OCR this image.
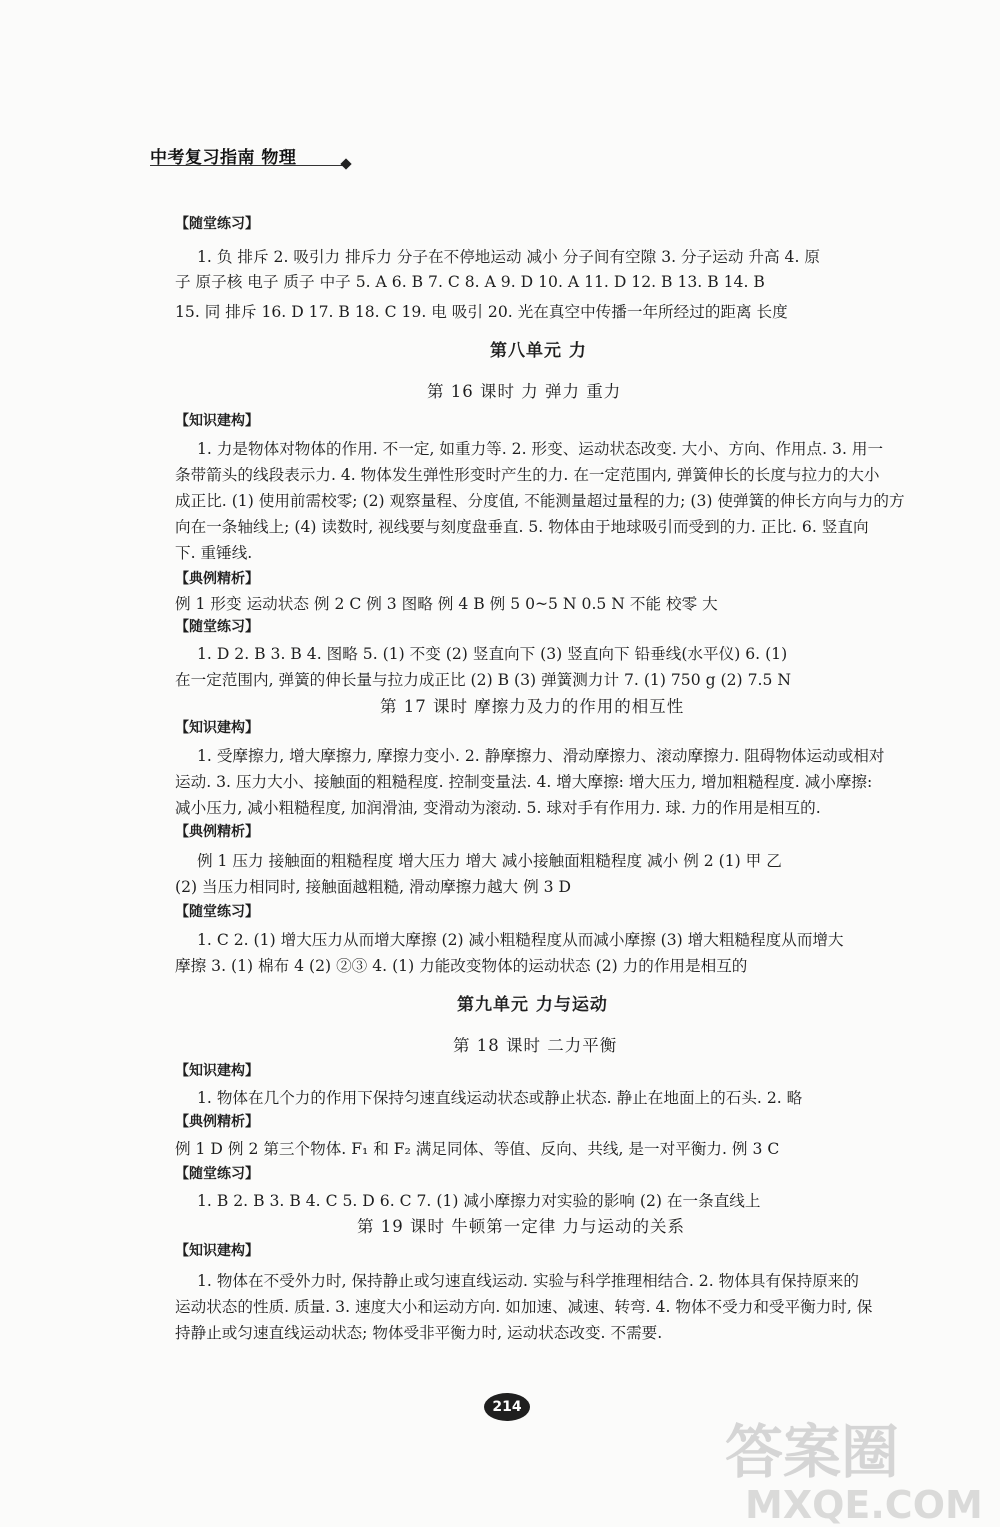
中考复习指南 物理
【随堂练习】
1. 负 排斥 2. 吸引力 排斥力 分子在不停地运动 减小 分子间有空隙 3. 分子运动 升高 4. 原
子 原子核 电子 质子 中子 5. A 6. B 7. C 8. A 9. D 10. A 11. D 12. B 13. B 14. B
15. 同 排斥 16. D 17. B 18. C 19. 电 吸引 20. 光在真空中传播一年所经过的距离 长度
第八单元 力
第 16 课时 力 弹力 重力
【知识建构】
1. 力是物体对物体的作用. 不一定, 如重力等. 2. 形变、运动状态改变. 大小、方向、作用点. 3. 用一
条带箭头的线段表示力. 4. 物体发生弹性形变时产生的力. 在一定范围内, 弹簧伸长的长度与拉力的大小
成正比. (1) 使用前需校零; (2) 观察量程、分度值, 不能测量超过量程的力; (3) 使弹簧的伸长方向与力的方
向在一条轴线上; (4) 读数时, 视线要与刻度盘垂直. 5. 物体由于地球吸引而受到的力. 正比. 6. 竖直向
下. 重锤线.
【典例精析】
例 1 形变 运动状态 例 2 C 例 3 图略 例 4 B 例 5 0~5 N 0.5 N 不能 校零 大
【随堂练习】
1. D 2. B 3. B 4. 图略 5. (1) 不变 (2) 竖直向下 (3) 竖直向下 铅垂线(水平仪) 6. (1)
在一定范围内, 弹簧的伸长量与拉力成正比 (2) B (3) 弹簧测力计 7. (1) 750 g (2) 7.5 N
第 17 课时 摩擦力及力的作用的相互性
【知识建构】
1. 受摩擦力, 增大摩擦力, 摩擦力变小. 2. 静摩擦力、滑动摩擦力、滚动摩擦力. 阻碍物体运动或相对
运动. 3. 压力大小、接触面的粗糙程度. 控制变量法. 4. 增大摩擦: 增大压力, 增加粗糙程度. 减小摩擦:
减小压力, 减小粗糙程度, 加润滑油, 变滑动为滚动. 5. 球对手有作用力. 球. 力的作用是相互的.
【典例精析】
例 1 压力 接触面的粗糙程度 增大压力 增大 减小接触面粗糙程度 减小 例 2 (1) 甲 乙
(2) 当压力相同时, 接触面越粗糙, 滑动摩擦力越大 例 3 D
【随堂练习】
1. C 2. (1) 增大压力从而增大摩擦 (2) 减小粗糙程度从而减小摩擦 (3) 增大粗糙程度从而增大
摩擦 3. (1) 棉布 4 (2) ②③ 4. (1) 力能改变物体的运动状态 (2) 力的作用是相互的
第九单元 力与运动
第 18 课时 二力平衡
【知识建构】
1. 物体在几个力的作用下保持匀速直线运动状态或静止状态. 静止在地面上的石头. 2. 略
【典例精析】
例 1 D 例 2 第三个物体. F₁ 和 F₂ 满足同体、等值、反向、共线, 是一对平衡力. 例 3 C
【随堂练习】
1. B 2. B 3. B 4. C 5. D 6. C 7. (1) 减小摩擦力对实验的影响 (2) 在一条直线上
第 19 课时 牛顿第一定律 力与运动的关系
【知识建构】
1. 物体在不受外力时, 保持静止或匀速直线运动. 实验与科学推理相结合. 2. 物体具有保持原来的
运动状态的性质. 质量. 3. 速度大小和运动方向. 如加速、减速、转弯. 4. 物体不受力和受平衡力时, 保
持静止或匀速直线运动状态; 物体受非平衡力时, 运动状态改变. 不需要.
214
答案圈
MXQE.COM
